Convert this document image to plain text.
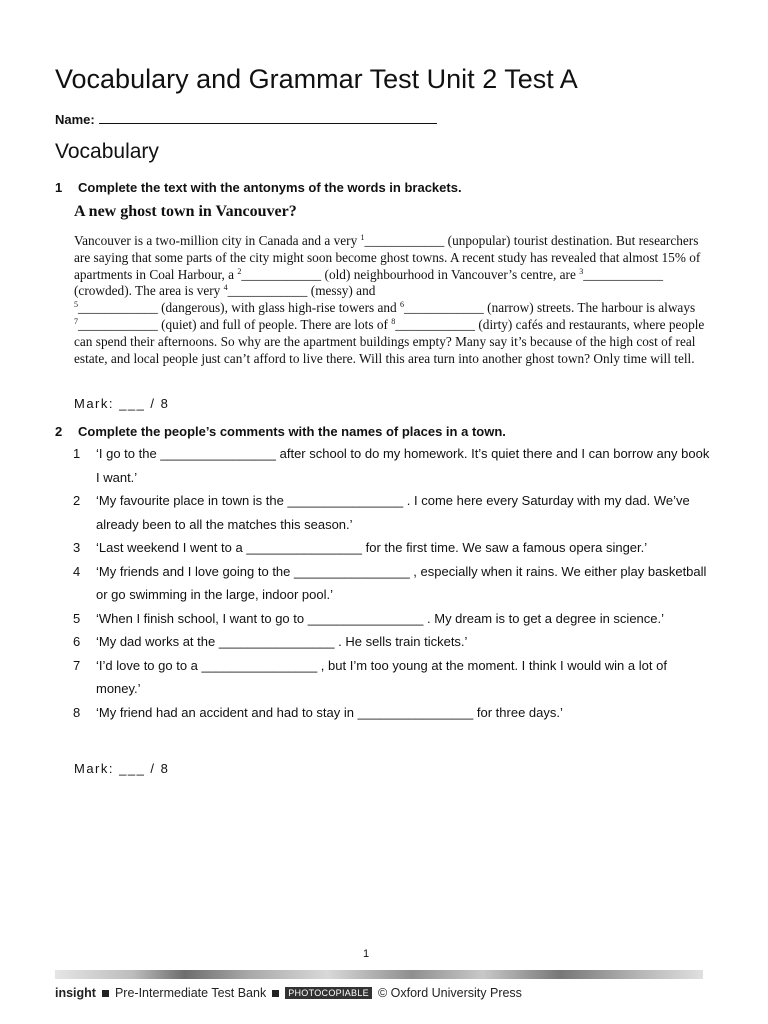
Vocabulary and Grammar Test Unit 2 Test A
Name:
Vocabulary
1 Complete the text with the antonyms of the words in brackets.
A new ghost town in Vancouver?
Vancouver is a two-million city in Canada and a very $^1$____________ (unpopular) tourist destination. But researchers are saying that some parts of the city might soon become ghost towns. A recent study has revealed that almost 15% of apartments in Coal Harbour, a $^2$____________ (old) neighbourhood in Vancouver’s centre, are $^3$____________ (crowded). The area is very $^4$____________ (messy) and
$^5$____________ (dangerous), with glass high-rise towers and $^6$____________ (narrow) streets. The harbour is always $^7$____________ (quiet) and full of people. There are lots of $^8$____________ (dirty) cafés and restaurants, where people can spend their afternoons. So why are the apartment buildings empty? Many say it’s because of the high cost of real estate, and local people just can’t afford to live there. Will this area turn into another ghost town? Only time will tell.
Mark: ___ / 8
2 Complete the people’s comments with the names of places in a town.
1 ‘I go to the ________________ after school to do my homework. It’s quiet there and I can borrow any book I want.’
2 ‘My favourite place in town is the ________________ . I come here every Saturday with my dad. We’ve already been to all the matches this season.’
3 ‘Last weekend I went to a ________________ for the first time. We saw a famous opera singer.’
4 ‘My friends and I love going to the ________________ , especially when it rains. We either play basketball or go swimming in the large, indoor pool.’
5 ‘When I finish school, I want to go to ________________ . My dream is to get a degree in science.’
6 ‘My dad works at the ________________ . He sells train tickets.’
7 ‘I’d love to go to a ________________ , but I’m too young at the moment. I think I would win a lot of money.’
8 ‘My friend had an accident and had to stay in ________________ for three days.’
Mark: ___ / 8
1
insight Pre-Intermediate Test Bank	PHOTOCOPIABLE © Oxford University Press
